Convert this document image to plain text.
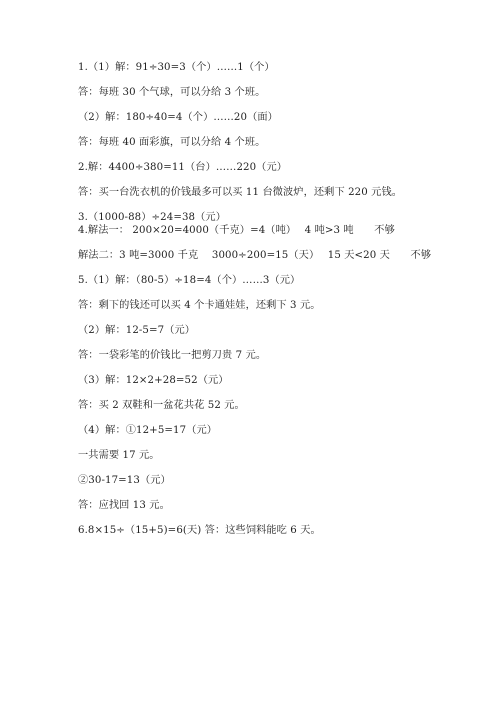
1.（1）解：91÷30=3（个）……1（个）
答：每班 30 个气球，可以分给 3 个班。
（2）解：180÷40=4（个）……20（面）
答：每班 40 面彩旗，可以分给 4 个班。
2.解：4400÷380=11（台）……220（元）
答：买一台洗衣机的价钱最多可以买 11 台微波炉，还剩下 220 元钱。
3.（1000-88）÷24=38（元）
4.解法一： 200×20=4000（千克）=4（吨）　 4 吨>3 吨　　不够
解法二：3 吨=3000 千克　 3000÷200=15（天）　 15 天<20 天　　不够
5.（1）解：（80-5）÷18=4（个）……3（元）
答：剩下的钱还可以买 4 个卡通娃娃，还剩下 3 元。
（2）解：12-5=7（元）
答：一袋彩笔的价钱比一把剪刀贵 7 元。
（3）解：12×2+28=52（元）
答：买 2 双鞋和一盆花共花 52 元。
（4）解：①12+5=17（元）
一共需要 17 元。
②30-17=13（元）
答：应找回 13 元。
6.8×15÷（15+5)=6(天) 答：这些饲料能吃 6 天。
